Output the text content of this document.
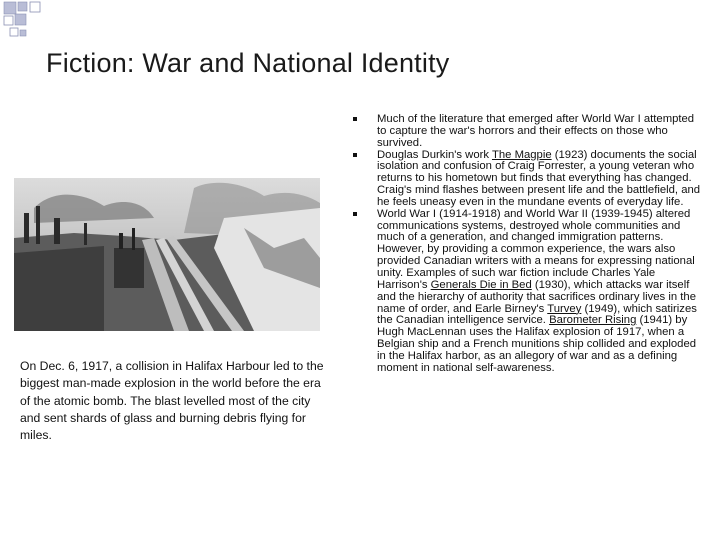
Fiction: War and National Identity
On Dec. 6, 1917, a collision in Halifax Harbour led to the biggest man-made explosion in the world before the era of the atomic bomb. The blast levelled most of the city and sent shards of glass and burning debris flying for miles.
Much of the literature that emerged after World War I attempted to capture the war's horrors and their effects on those who survived.
Douglas Durkin's work The Magpie (1923) documents the social isolation and confusion of Craig Forrester, a young veteran who returns to his hometown but finds that everything has changed. Craig's mind flashes between present life and the battlefield, and he feels uneasy even in the mundane events of everyday life.
World War I (1914-1918) and World War II (1939-1945) altered communications systems, destroyed whole communities and much of a generation, and changed immigration patterns. However, by providing a common experience, the wars also provided Canadian writers with a means for expressing national unity. Examples of such war fiction include Charles Yale Harrison's Generals Die in Bed (1930), which attacks war itself and the hierarchy of authority that sacrifices ordinary lives in the name of order, and Earle Birney's Turvey (1949), which satirizes the Canadian intelligence service. Barometer Rising (1941) by Hugh MacLennan uses the Halifax explosion of 1917, when a Belgian ship and a French munitions ship collided and exploded in the Halifax harbor, as an allegory of war and as a defining moment in national self-awareness.
